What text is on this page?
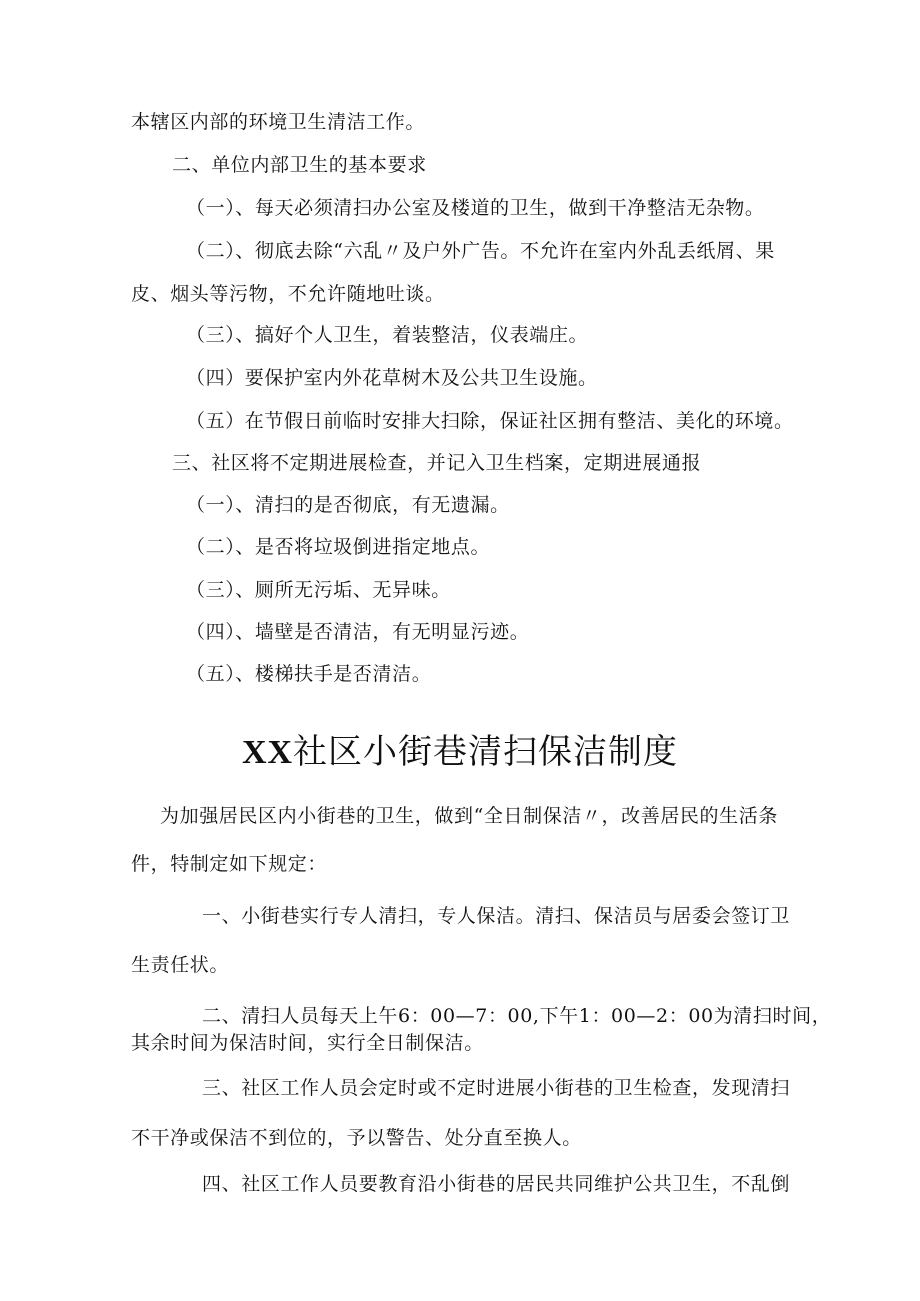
本辖区内部的环境卫生清洁工作。
二、单位内部卫生的基本要求
（一）、每天必须清扫办公室及楼道的卫生，做到干净整洁无杂物。
（二）、彻底去除“六乱〃及户外广告。不允许在室内外乱丢纸屑、果
皮、烟头等污物，不允许随地吐谈。
（三）、搞好个人卫生，着装整洁，仪表端庄。
（四）要保护室内外花草树木及公共卫生设施。
（五）在节假日前临时安排大扫除，保证社区拥有整洁、美化的环境。
三、社区将不定期进展检查，并记入卫生档案，定期进展通报
（一）、清扫的是否彻底，有无遗漏。
（二）、是否将垃圾倒进指定地点。
（三）、厕所无污垢、无异味。
（四）、墙壁是否清洁，有无明显污迹。
（五）、楼梯扶手是否清洁。
XX社区小街巷清扫保洁制度
为加强居民区内小街巷的卫生，做到“全日制保洁〃，改善居民的生活条
件，特制定如下规定：
一、小街巷实行专人清扫，专人保洁。清扫、保洁员与居委会签订卫
生责任状。
二、清扫人员每天上午6：00—7：00,下午1：00—2：00为清扫时间，
其余时间为保洁时间，实行全日制保洁。
三、社区工作人员会定时或不定时进展小街巷的卫生检查，发现清扫
不干净或保洁不到位的，予以警告、处分直至换人。
四、社区工作人员要教育沿小街巷的居民共同维护公共卫生，不乱倒
